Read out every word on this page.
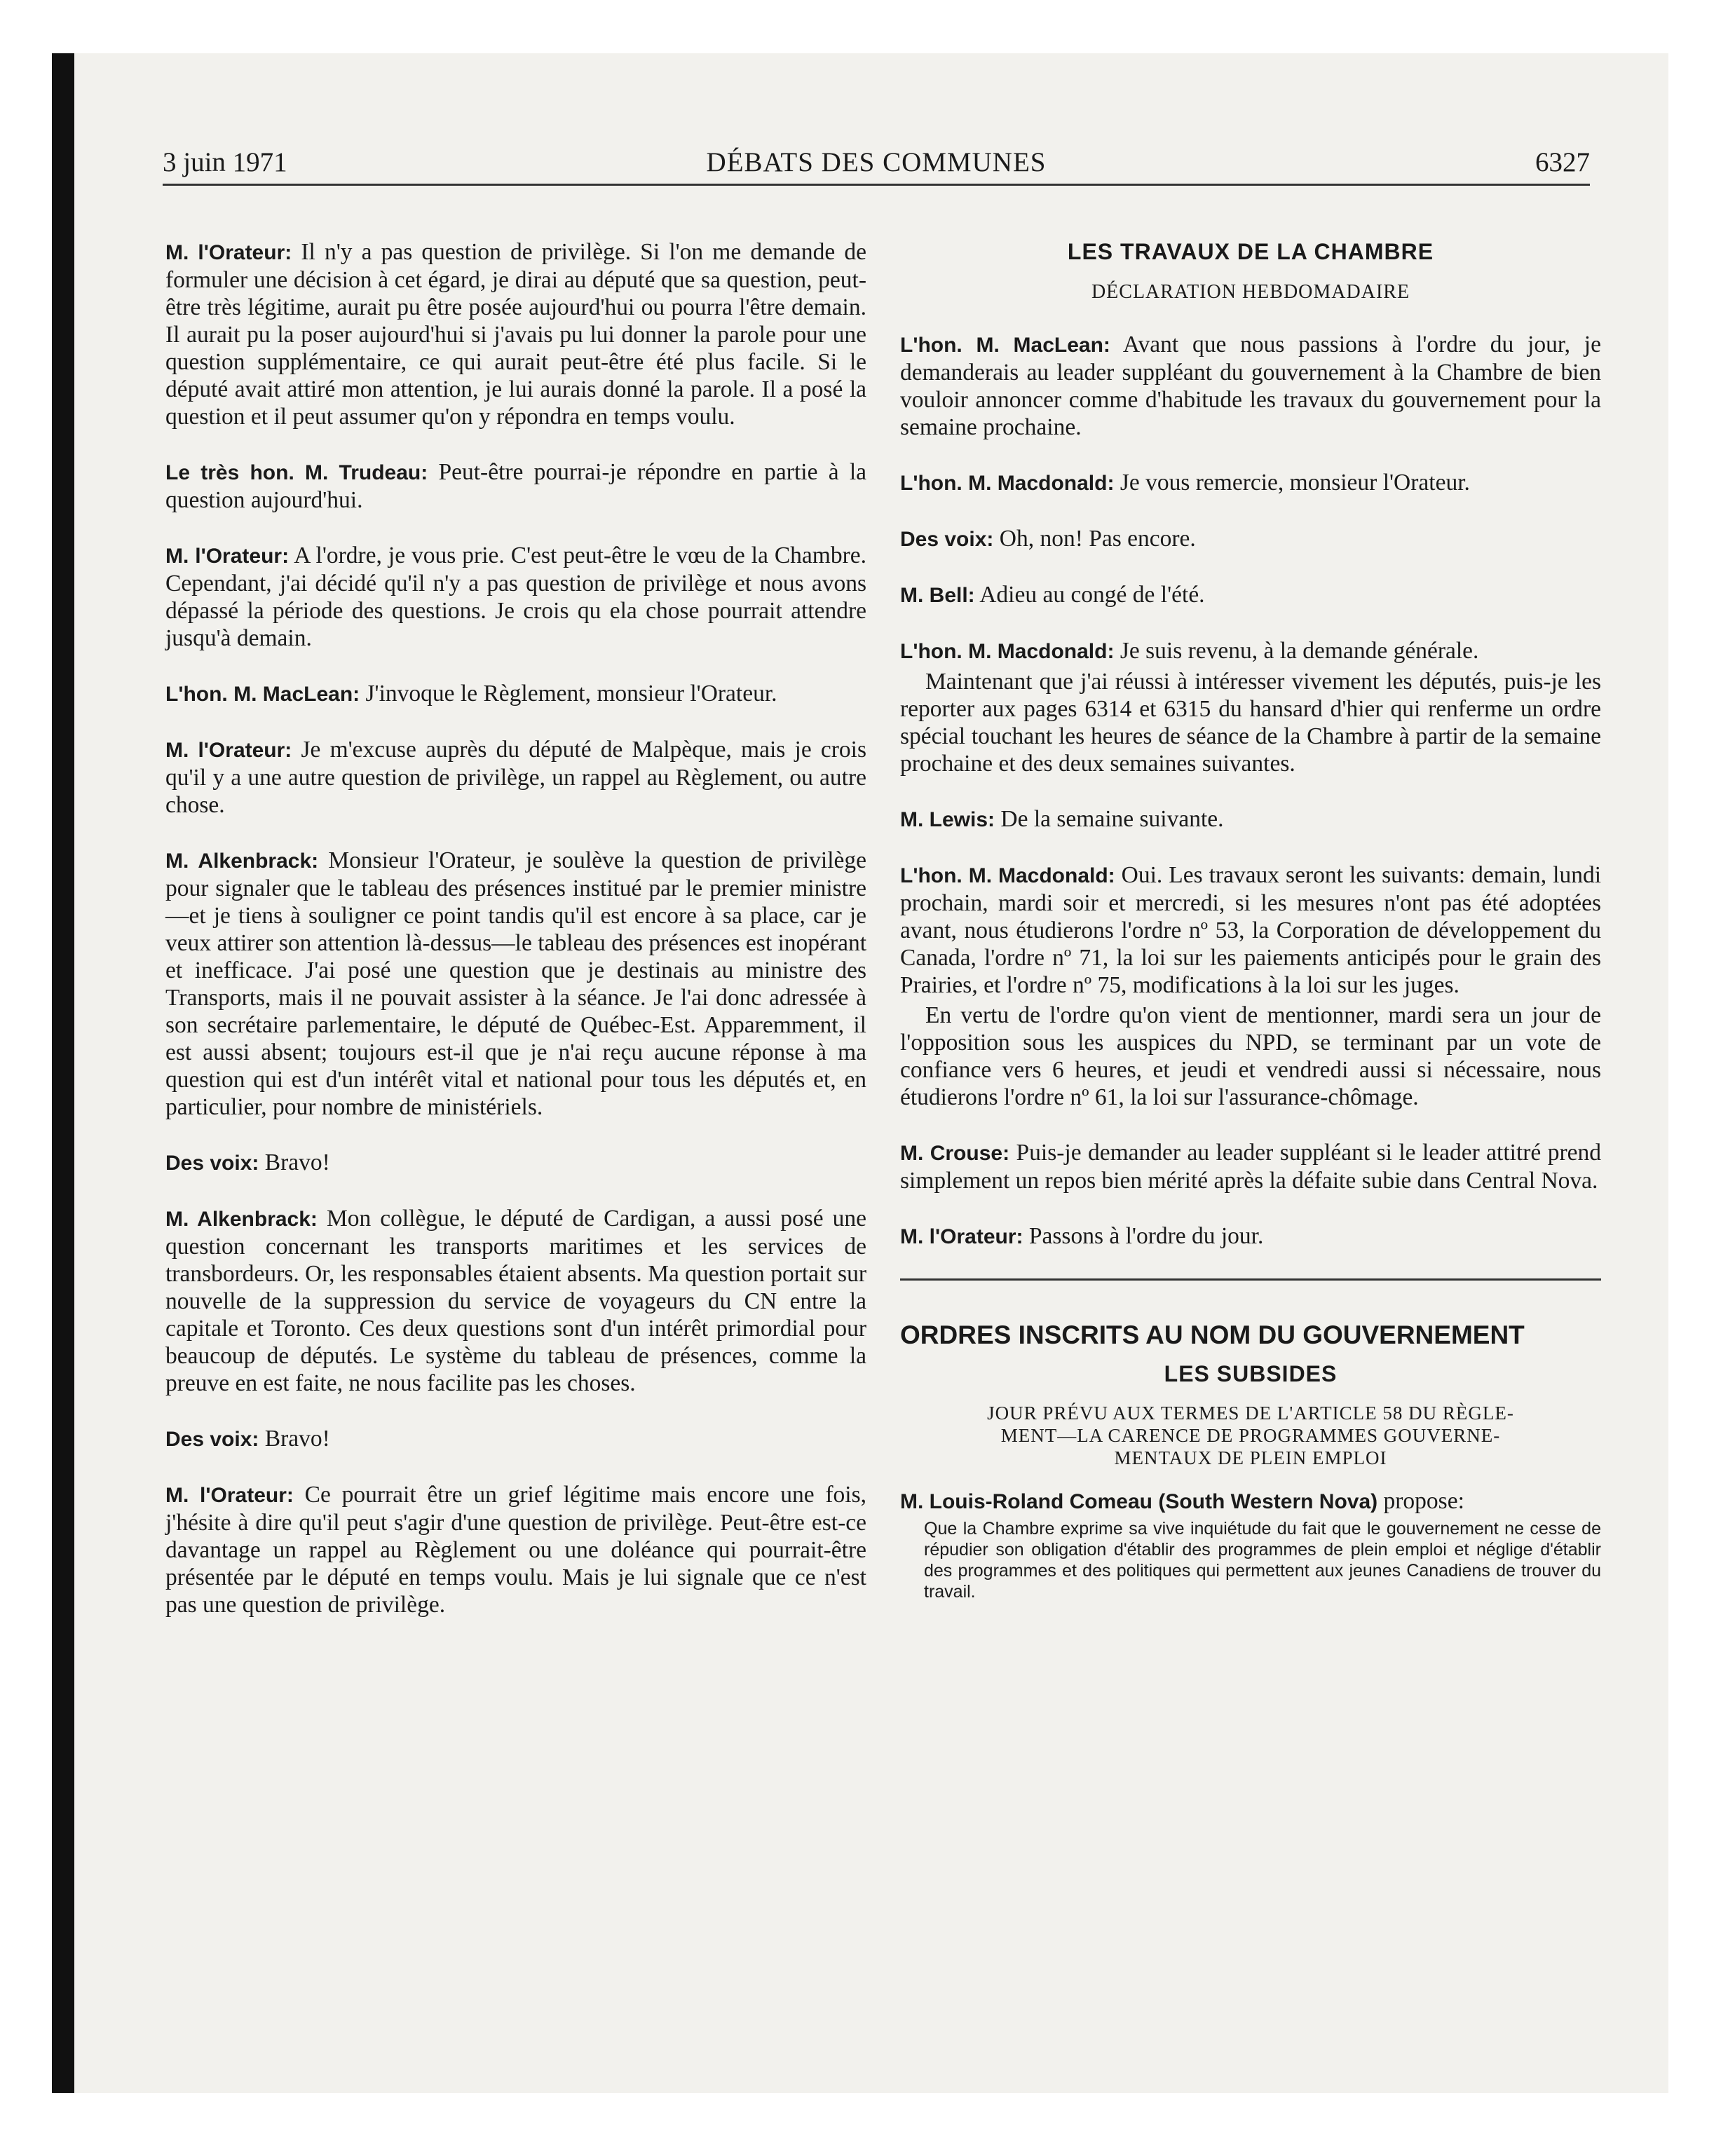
3 juin 1971	DÉBATS DES COMMUNES	6327

M. l'Orateur: Il n'y a pas question de privilège. Si l'on me demande de formuler une décision à cet égard, je dirai au député que sa question, peut-être très légitime, aurait pu être posée aujourd'hui ou pourra l'être demain. Il aurait pu la poser aujourd'hui si j'avais pu lui donner la parole pour une question supplémentaire, ce qui aurait peut-être été plus facile. Si le député avait attiré mon attention, je lui aurais donné la parole. Il a posé la question et il peut assumer qu'on y répondra en temps voulu.

Le très hon. M. Trudeau: Peut-être pourrai-je répondre en partie à la question aujourd'hui.

M. l'Orateur: A l'ordre, je vous prie. C'est peut-être le vœu de la Chambre. Cependant, j'ai décidé qu'il n'y a pas question de privilège et nous avons dépassé la période des questions. Je crois qu ela chose pourrait attendre jusqu'à demain.

L'hon. M. MacLean: J'invoque le Règlement, monsieur l'Orateur.

M. l'Orateur: Je m'excuse auprès du député de Malpèque, mais je crois qu'il y a une autre question de privilège, un rappel au Règlement, ou autre chose.

M. Alkenbrack: Monsieur l'Orateur, je soulève la question de privilège pour signaler que le tableau des présences institué par le premier ministre—et je tiens à souligner ce point tandis qu'il est encore à sa place, car je veux attirer son attention là-dessus—le tableau des présences est inopérant et inefficace. J'ai posé une question que je destinais au ministre des Transports, mais il ne pouvait assister à la séance. Je l'ai donc adressée à son secrétaire parlementaire, le député de Québec-Est. Apparemment, il est aussi absent; toujours est-il que je n'ai reçu aucune réponse à ma question qui est d'un intérêt vital et national pour tous les députés et, en particulier, pour nombre de ministériels.

Des voix: Bravo!

M. Alkenbrack: Mon collègue, le député de Cardigan, a aussi posé une question concernant les transports maritimes et les services de transbordeurs. Or, les responsables étaient absents. Ma question portait sur nouvelle de la suppression du service de voyageurs du CN entre la capitale et Toronto. Ces deux questions sont d'un intérêt primordial pour beaucoup de députés. Le système du tableau de présences, comme la preuve en est faite, ne nous facilite pas les choses.

Des voix: Bravo!

M. l'Orateur: Ce pourrait être un grief légitime mais encore une fois, j'hésite à dire qu'il peut s'agir d'une question de privilège. Peut-être est-ce davantage un rappel au Règlement ou une doléance qui pourrait-être présentée par le député en temps voulu. Mais je lui signale que ce n'est pas une question de privilège.

LES TRAVAUX DE LA CHAMBRE
DÉCLARATION HEBDOMADAIRE

L'hon. M. MacLean: Avant que nous passions à l'ordre du jour, je demanderais au leader suppléant du gouvernement à la Chambre de bien vouloir annoncer comme d'habitude les travaux du gouvernement pour la semaine prochaine.

L'hon. M. Macdonald: Je vous remercie, monsieur l'Orateur.

Des voix: Oh, non! Pas encore.

M. Bell: Adieu au congé de l'été.

L'hon. M. Macdonald: Je suis revenu, à la demande générale.

Maintenant que j'ai réussi à intéresser vivement les députés, puis-je les reporter aux pages 6314 et 6315 du hansard d'hier qui renferme un ordre spécial touchant les heures de séance de la Chambre à partir de la semaine prochaine et des deux semaines suivantes.

M. Lewis: De la semaine suivante.

L'hon. M. Macdonald: Oui. Les travaux seront les suivants: demain, lundi prochain, mardi soir et mercredi, si les mesures n'ont pas été adoptées avant, nous étudierons l'ordre nº 53, la Corporation de développement du Canada, l'ordre nº 71, la loi sur les paiements anticipés pour le grain des Prairies, et l'ordre nº 75, modifications à la loi sur les juges.

En vertu de l'ordre qu'on vient de mentionner, mardi sera un jour de l'opposition sous les auspices du NPD, se terminant par un vote de confiance vers 6 heures, et jeudi et vendredi aussi si nécessaire, nous étudierons l'ordre nº 61, la loi sur l'assurance-chômage.

M. Crouse: Puis-je demander au leader suppléant si le leader attitré prend simplement un repos bien mérité après la défaite subie dans Central Nova.

M. l'Orateur: Passons à l'ordre du jour.

ORDRES INSCRITS AU NOM DU GOUVERNEMENT
LES SUBSIDES
JOUR PRÉVU AUX TERMES DE L'ARTICLE 58 DU RÈGLE-
MENT—LA CARENCE DE PROGRAMMES GOUVERNE-
MENTAUX DE PLEIN EMPLOI

M. Louis-Roland Comeau (South Western Nova) propose:

Que la Chambre exprime sa vive inquiétude du fait que le gouvernement ne cesse de répudier son obligation d'établir des programmes de plein emploi et néglige d'établir des programmes et des politiques qui permettent aux jeunes Canadiens de trouver du travail.
